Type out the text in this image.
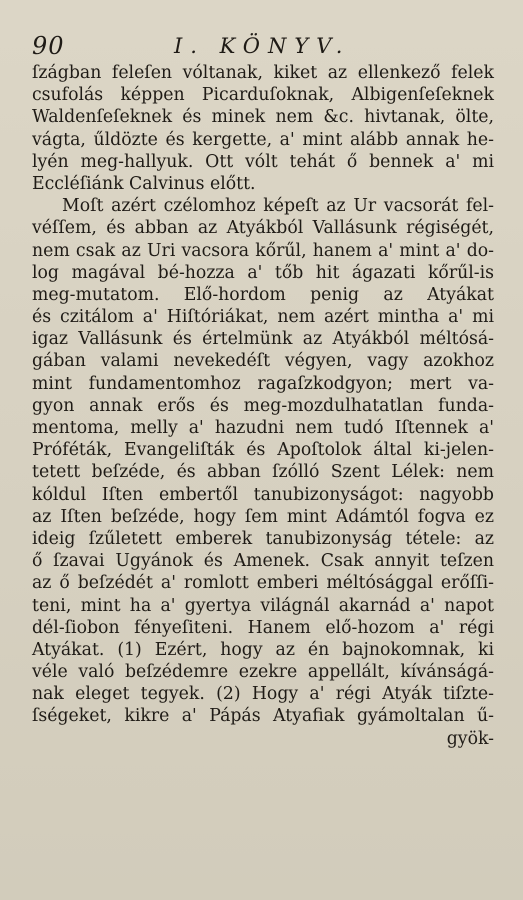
90	I. KÖNYV.
ſzágban feleſen vóltanak, kiket az ellenkező felek
csufolás képpen Picarduſoknak, Albigenſeſeknek
Waldenſeſeknek és minek nem &c. hivtanak, ölte,
vágta, űldözte és kergette, a' mint alább annak he-
lyén meg-hallyuk. Ott vólt tehát ő bennek a' mi
Eccléſiánk Calvinus előtt.
Moſt azért czélomhoz képeſt az Ur vacsorát fel-
véſſem, és abban az Atyákból Vallásunk régiségét,
nem csak az Uri vacsora kőrűl, hanem a' mint a' do-
log magával bé-hozza a' tőb hit ágazati kőrűl-is
meg-mutatom. Elő-hordom penig az Atyákat
és czitálom a' Hiſtóriákat, nem azért mintha a' mi
igaz Vallásunk és értelmünk az Atyákból méltósá-
gában valami nevekedéſt végyen, vagy azokhoz
mint fundamentomhoz ragaſzkodgyon; mert va-
gyon annak erős és meg-mozdulhatatlan funda-
mentoma, melly a' hazudni nem tudó Iſtennek a'
Próféták, Evangeliſták és Apoſtolok által ki-jelen-
tetett beſzéde, és abban ſzólló Szent Lélek: nem
kóldul Iſten embertől tanubizonyságot: nagyobb
az Iſten beſzéde, hogy ſem mint Adámtól fogva ez
ideig ſzűletett emberek tanubizonyság tétele: az
ő ſzavai Ugyánok és Amenek. Csak annyit teſzen
az ő beſzédét a' romlott emberi méltósággal erőſſi-
teni, mint ha a' gyertya világnál akarnád a' napot
dél-ſiobon fényeſiteni. Hanem elő-hozom a' régi
Atyákat. (1) Ezért, hogy az én bajnokomnak, ki
véle való beſzédemre ezekre appellált, kívánságá-
nak eleget tegyek. (2) Hogy a' régi Atyák tiſzte-
ſségeket, kikre a' Pápás Atyafiak gyámoltalan ű-
gyök-
